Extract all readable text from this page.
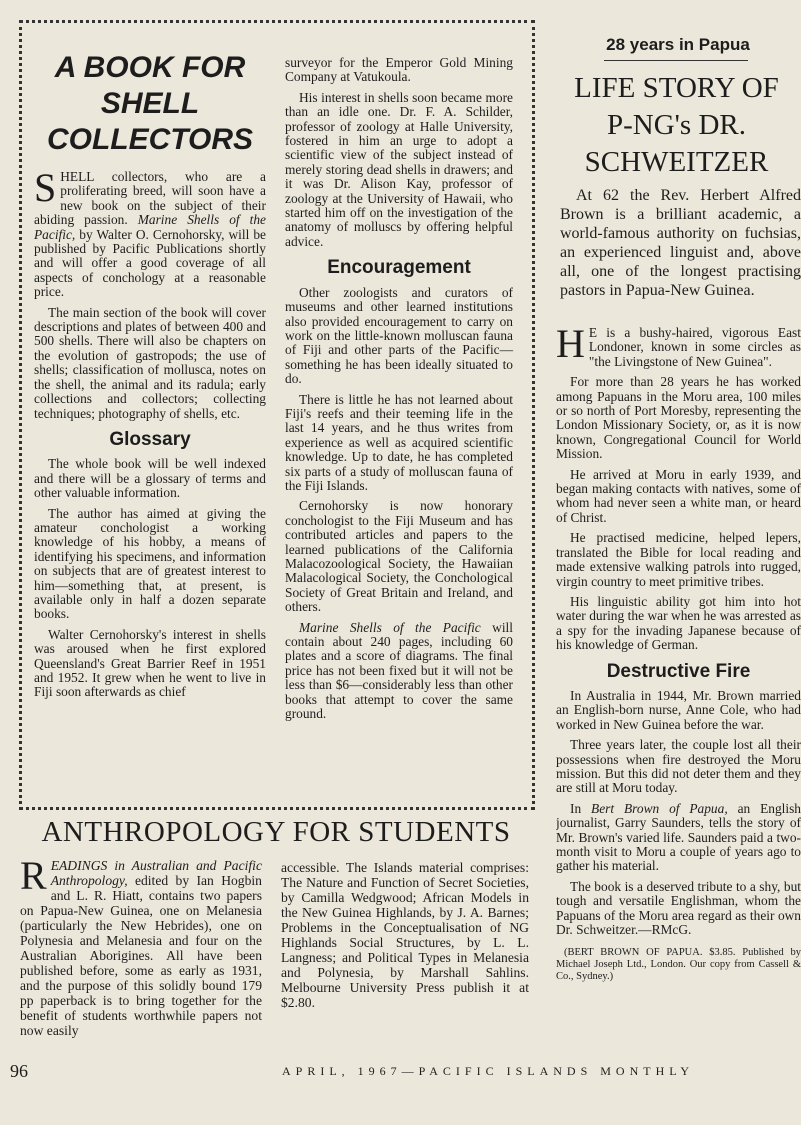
A BOOK FOR
SHELL
COLLECTORS

SHELL collectors, who are a proliferating breed, will soon have a new book on the subject of their abiding passion. Marine Shells of the Pacific, by Walter O. Cernohorsky, will be published by Pacific Publications shortly and will offer a good coverage of all aspects of conchology at a reasonable price.

The main section of the book will cover descriptions and plates of between 400 and 500 shells. There will also be chapters on the evolution of gastropods; the use of shells; classification of mollusca, notes on the shell, the animal and its radula; early collections and collectors; collecting techniques; photography of shells, etc.

Glossary

The whole book will be well indexed and there will be a glossary of terms and other valuable information.

The author has aimed at giving the amateur conchologist a working knowledge of his hobby, a means of identifying his specimens, and information on subjects that are of greatest interest to him—something that, at present, is available only in half a dozen separate books.

Walter Cernohorsky's interest in shells was aroused when he first explored Queensland's Great Barrier Reef in 1951 and 1952. It grew when he went to live in Fiji soon afterwards as chief

surveyor for the Emperor Gold Mining Company at Vatukoula.

His interest in shells soon became more than an idle one. Dr. F. A. Schilder, professor of zoology at Halle University, fostered in him an urge to adopt a scientific view of the subject instead of merely storing dead shells in drawers; and it was Dr. Alison Kay, professor of zoology at the University of Hawaii, who started him off on the investigation of the anatomy of molluscs by offering helpful advice.

Encouragement

Other zoologists and curators of museums and other learned institutions also provided encouragement to carry on work on the little-known molluscan fauna of Fiji and other parts of the Pacific—something he has been ideally situated to do.

There is little he has not learned about Fiji's reefs and their teeming life in the last 14 years, and he thus writes from experience as well as acquired scientific knowledge. Up to date, he has completed six parts of a study of molluscan fauna of the Fiji Islands.

Cernohorsky is now honorary conchologist to the Fiji Museum and has contributed articles and papers to the learned publications of the California Malacozoological Society, the Hawaiian Malacological Society, the Conchological Society of Great Britain and Ireland, and others.

Marine Shells of the Pacific will contain about 240 pages, including 60 plates and a score of diagrams. The final price has not been fixed but it will not be less than $6—considerably less than other books that attempt to cover the same ground.

ANTHROPOLOGY FOR STUDENTS

READINGS in Australian and Pacific Anthropology, edited by Ian Hogbin and L. R. Hiatt, contains two papers on Papua-New Guinea, one on Melanesia (particularly the New Hebrides), one on Polynesia and Melanesia and four on the Australian Aborigines. All have been published before, some as early as 1931, and the purpose of this solidly bound 179 pp paperback is to bring together for the benefit of students worthwhile papers not now easily

accessible. The Islands material comprises: The Nature and Function of Secret Societies, by Camilla Wedgwood; African Models in the New Guinea Highlands, by J. A. Barnes; Problems in the Conceptualisation of NG Highlands Social Structures, by L. L. Langness; and Political Types in Melanesia and Polynesia, by Marshall Sahlins. Melbourne University Press publish it at $2.80.

28 years in Papua
LIFE STORY OF
P-NG's DR.
SCHWEITZER
At 62 the Rev. Herbert Alfred Brown is a brilliant academic, a world-famous authority on fuchsias, an experienced linguist and, above all, one of the longest practising pastors in Papua-New Guinea.

H E is a bushy-haired, vigorous East Londoner, known in some circles as "the Livingstone of New Guinea".

For more than 28 years he has worked among Papuans in the Moru area, 100 miles or so north of Port Moresby, representing the London Missionary Society, or, as it is now known, Congregational Council for World Mission.

He arrived at Moru in early 1939, and began making contacts with natives, some of whom had never seen a white man, or heard of Christ.

He practised medicine, helped lepers, translated the Bible for local reading and made extensive walking patrols into rugged, virgin country to meet primitive tribes.

His linguistic ability got him into hot water during the war when he was arrested as a spy for the invading Japanese because of his knowledge of German.

Destructive Fire

In Australia in 1944, Mr. Brown married an English-born nurse, Anne Cole, who had worked in New Guinea before the war.

Three years later, the couple lost all their possessions when fire destroyed the Moru mission. But this did not deter them and they are still at Moru today.

In Bert Brown of Papua, an English journalist, Garry Saunders, tells the story of Mr. Brown's varied life. Saunders paid a two-month visit to Moru a couple of years ago to gather his material.

The book is a deserved tribute to a shy, but tough and versatile Englishman, whom the Papuans of the Moru area regard as their own Dr. Schweitzer.—RMcG.

(BERT BROWN OF PAPUA. $3.85. Published by Michael Joseph Ltd., London. Our copy from Cassell & Co., Sydney.)

96	APRIL, 1967—PACIFIC ISLANDS MONTHLY
